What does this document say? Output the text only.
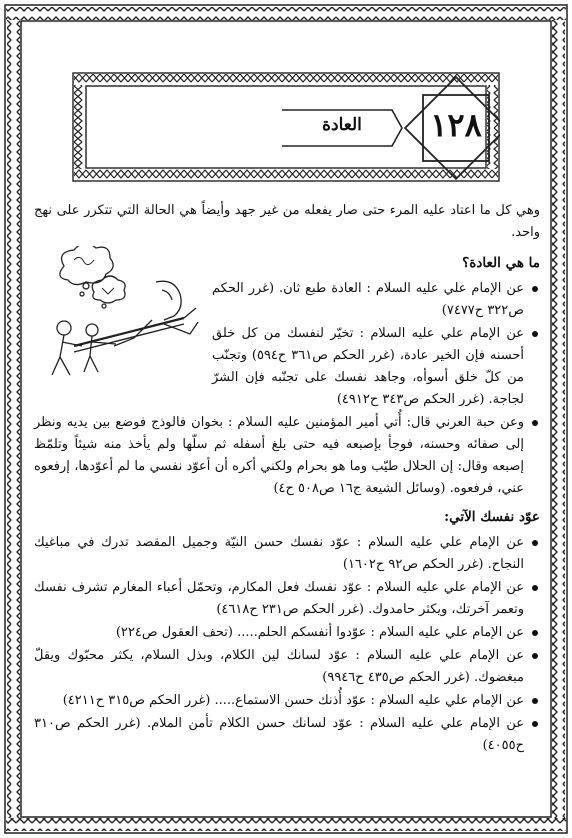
١٢٨
العادة

وهي كل ما اعتاد عليه المرء حتى صار يفعله من غير جهد وأيضاً هي الحالة التي تتكرر على نهج واحد.

ما هي العادة؟

عن الإمام علي عليه السلام : العادة طبع ثان. (غرر الحكم ص٣٢٢ ح٧٤٧٧)
عن الإمام علي عليه السلام : تخيّر لنفسك من كل خلق أحسنه فإن الخير عادة، (غرر الحكم ص٣٦١ ح٥٩٤) وتجنّب من كلّ خلق أسوأه، وجاهد نفسك على تجنّبه فإن الشرّ لجاجة. (غرر الحكم ص٣٤٣ ح٤٩١٢)
وعن حبة العرني قال: أُتي أمير المؤمنين عليه السلام : بخوان فالوذج فوضع بين يديه ونظر إلى صفائه وحسنه، فوجأ بإصبعه فيه حتى بلغ أسفله ثم سلّها ولم يأخذ منه شيئاً وتلمّظ إصبعه وقال: إن الحلال طيّب وما هو بحرام ولكني أكره أن أعوّد نفسي ما لم أعوّدها، إرفعوه عني، فرفعوه. (وسائل الشيعة ج١٦ ص٥٠٨ ح٤)

عوّد نفسك الآتي:

عن الإمام علي عليه السلام : عوّد نفسك حسن النيّة وجميل المقصد تدرك في مباغيك النجاح. (غرر الحكم ص٩٢ ح١٦٠٢)
عن الإمام علي عليه السلام : عوّد نفسك فعل المكارم، وتحمّل أعباء المغارم تشرف نفسك وتعمر آخرتك، ويكثر حامدوك. (غرر الحكم ص٢٣١ ح٤٦١٨)
عن الإمام علي عليه السلام : عوّدوا أنفسكم الحلم..... (تحف العقول ص٢٢٤)
عن الإمام علي عليه السلام : عوّد لسانك لين الكلام، وبذل السلام، يكثر محبّوك ويقلّ مبغضوك. (غرر الحكم ص٤٣٥ ح٩٩٤٦)
عن الإمام علي عليه السلام : عوّد أُذنك حسن الاستماع..... (غرر الحكم ص٣١٥ ح٤٢١١)
عن الإمام علي عليه السلام : عوّد لسانك حسن الكلام تأمن الملام. (غرر الحكم ص٣١٠ ح٤٠٥٥)
